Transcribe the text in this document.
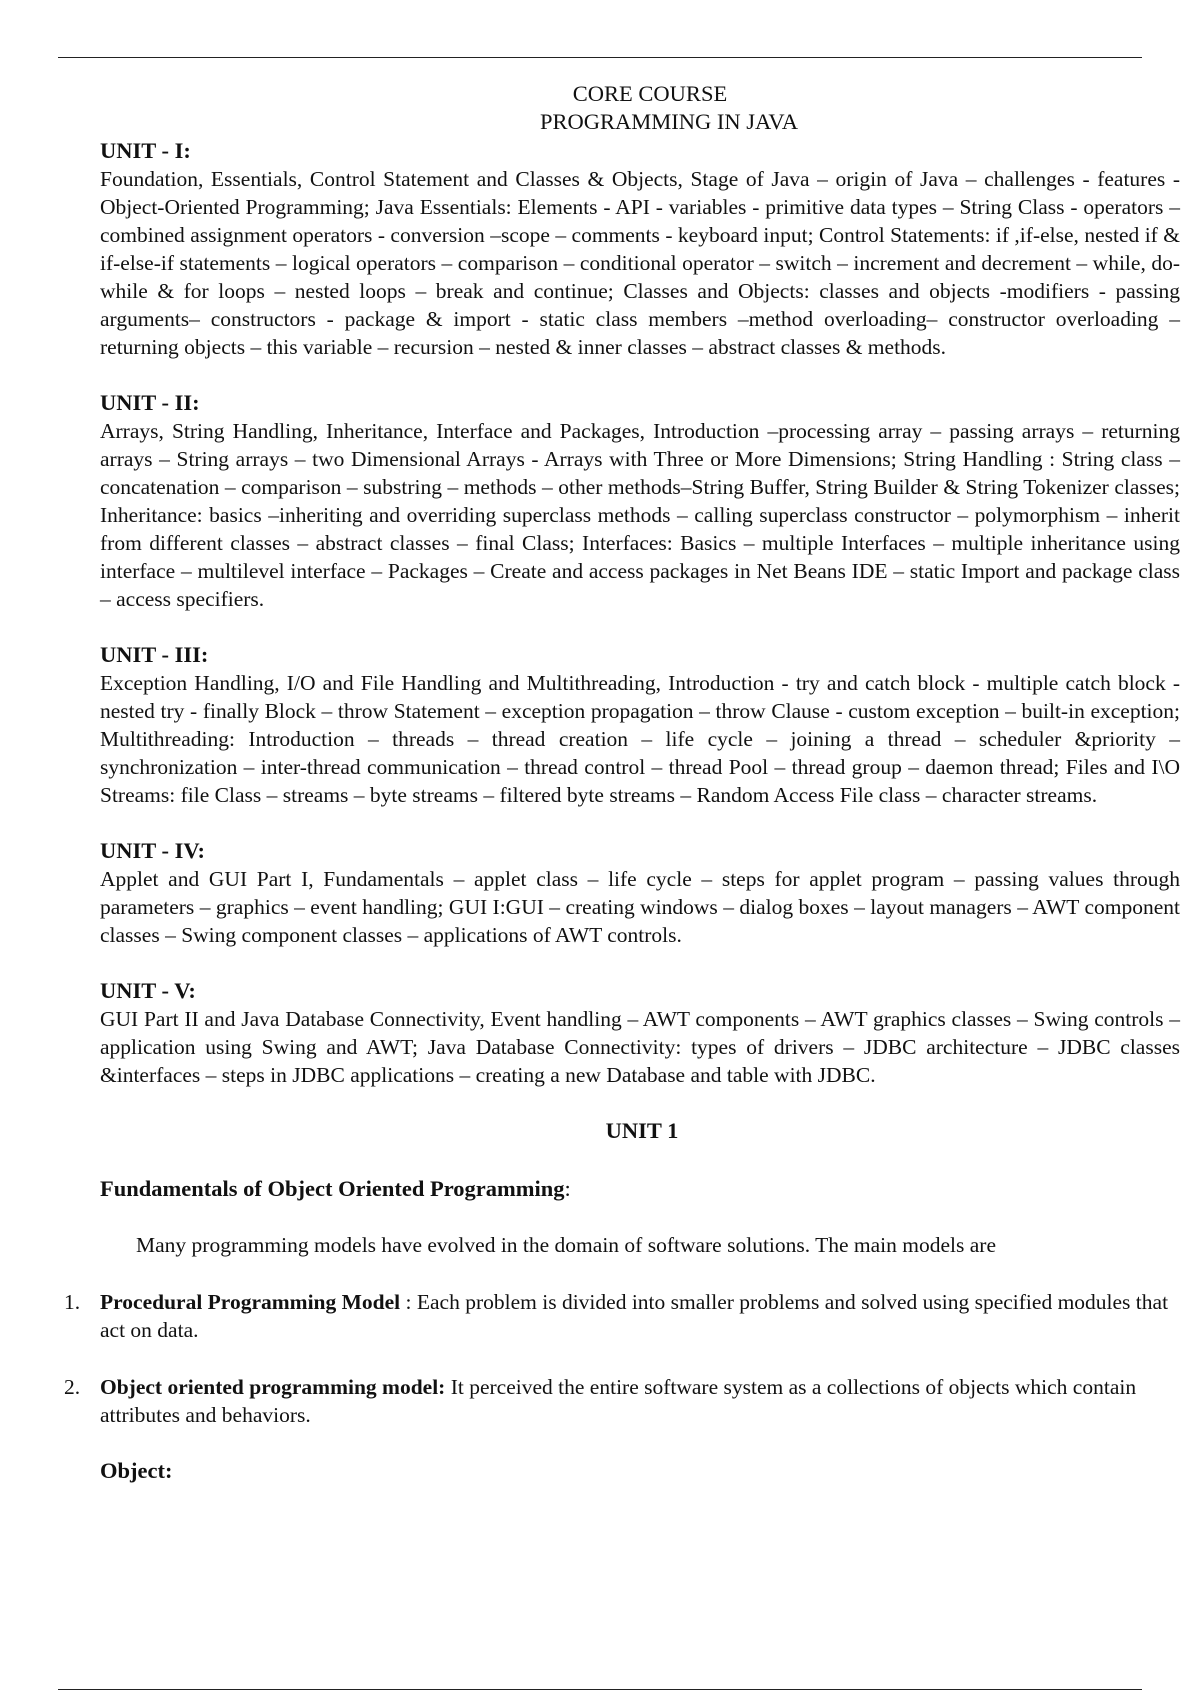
CORE COURSE
PROGRAMMING IN JAVA

UNIT - I:

Foundation, Essentials, Control Statement and Classes & Objects, Stage of Java – origin of Java – challenges - features - Object-Oriented Programming; Java Essentials: Elements - API - variables - primitive data types – String Class - operators –combined assignment operators - conversion –scope – comments - keyboard input; Control Statements: if ,if-else, nested if & if-else-if statements – logical operators – comparison – conditional operator – switch – increment and decrement – while, do-while & for loops – nested loops – break and continue; Classes and Objects: classes and objects -modifiers - passing arguments– constructors - package & import - static class members –method overloading– constructor overloading –returning objects – this variable – recursion – nested & inner classes – abstract classes & methods.

UNIT - II:

Arrays, String Handling, Inheritance, Interface and Packages, Introduction –processing array – passing arrays – returning arrays – String arrays – two Dimensional Arrays - Arrays with Three or More Dimensions; String Handling : String class – concatenation – comparison – substring – methods – other methods–String Buffer, String Builder & String Tokenizer classes; Inheritance: basics –inheriting and overriding superclass methods – calling superclass constructor – polymorphism – inherit from different classes – abstract classes – final Class; Interfaces: Basics – multiple Interfaces – multiple inheritance using interface – multilevel interface – Packages – Create and access packages in Net Beans IDE – static Import and package class – access specifiers.

UNIT - III:

Exception Handling, I/O and File Handling and Multithreading, Introduction - try and catch block - multiple catch block - nested try - finally Block – throw Statement – exception propagation – throw Clause - custom exception – built-in exception; Multithreading: Introduction – threads – thread creation – life cycle – joining a thread – scheduler &priority – synchronization – inter-thread communication – thread control – thread Pool – thread group – daemon thread; Files and I\O Streams: file Class – streams – byte streams – filtered byte streams – Random Access File class – character streams.

UNIT - IV:

Applet and GUI Part I, Fundamentals – applet class – life cycle – steps for applet program – passing values through parameters – graphics – event handling; GUI I:GUI – creating windows – dialog boxes – layout managers – AWT component classes – Swing component classes – applications of AWT controls.

UNIT - V:

GUI Part II and Java Database Connectivity, Event handling – AWT components – AWT graphics classes – Swing controls – application using Swing and AWT; Java Database Connectivity: types of drivers – JDBC architecture – JDBC classes &interfaces – steps in JDBC applications – creating a new Database and table with JDBC.

UNIT 1
Fundamentals of Object Oriented Programming:
Many programming models have evolved in the domain of software solutions. The main models are
1. Procedural Programming Model : Each problem is divided into smaller problems and solved using specified modules that act on data.
2. Object oriented programming model: It perceived the entire software system as a collections of objects which contain attributes and behaviors.
Object:
